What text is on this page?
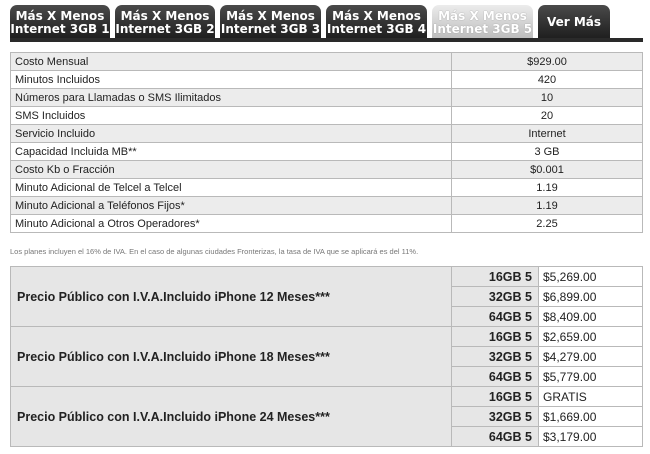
Más X Menos
Internet 3GB 1
Más X Menos
Internet 3GB 2
Más X Menos
Internet 3GB 3
Más X Menos
Internet 3GB 4
Más X Menos
Internet 3GB 5	Ver Más
Costo Mensual	$929.00
Minutos Incluidos	420
Números para Llamadas o SMS Ilimitados	10
SMS Incluidos	20
Servicio Incluido	Internet
Capacidad Incluida MB**	3 GB
Costo Kb o Fracción	$0.001
Minuto Adicional de Telcel a Telcel	1.19
Minuto Adicional a Teléfonos Fijos*	1.19
Minuto Adicional a Otros Operadores*	2.25
Los planes incluyen el 16% de IVA. En el caso de algunas ciudades Fronterizas, la tasa de IVA que se aplicará es del 11%.
Precio Público con I.V.A.Incluido iPhone 12 Meses***	16GB 5	$5,269.00
	32GB 5	$6,899.00
	64GB 5	$8,409.00
Precio Público con I.V.A.Incluido iPhone 18 Meses***	16GB 5	$2,659.00
	32GB 5	$4,279.00
	64GB 5	$5,779.00
Precio Público con I.V.A.Incluido iPhone 24 Meses***	16GB 5	GRATIS
	32GB 5	$1,669.00
	64GB 5	$3,179.00
